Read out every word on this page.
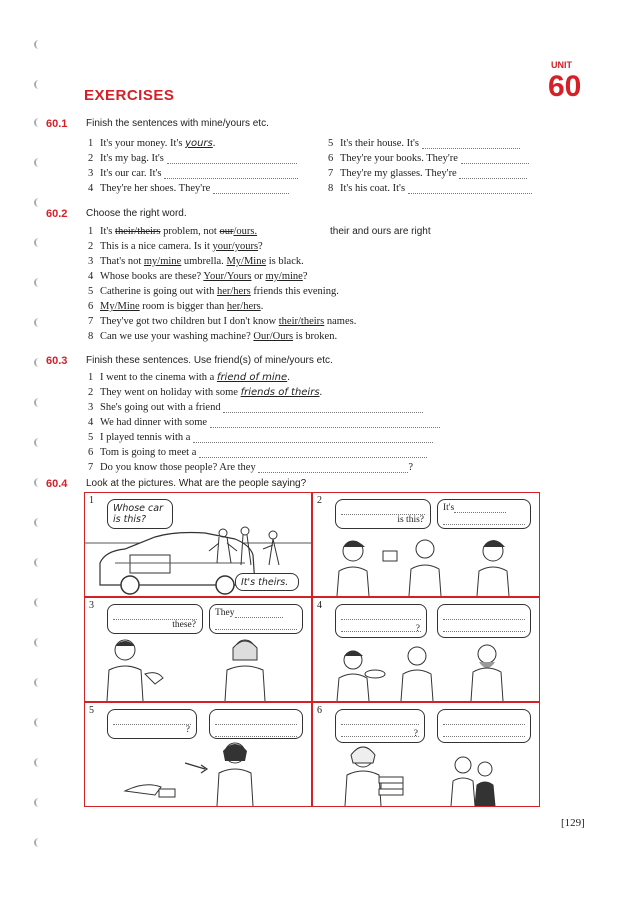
UNIT
60
EXERCISES
60.1 Finish the sentences with mine/yours etc.
1 It's your money. It's yours.
2 It's my bag. It's
3 It's our car. It's
4 They're her shoes. They're
5 It's their house. It's
6 They're your books. They're
7 They're my glasses. They're
8 It's his coat. It's
60.2 Choose the right word.
1 It's their/theirs problem, not our/ours.	their and ours are right
2 This is a nice camera. Is it your/yours?
3 That's not my/mine umbrella. My/Mine is black.
4 Whose books are these? Your/Yours or my/mine?
5 Catherine is going out with her/hers friends this evening.
6 My/Mine room is bigger than her/hers.
7 They've got two children but I don't know their/theirs names.
8 Can we use your washing machine? Our/Ours is broken.
60.3 Finish these sentences. Use friend(s) of mine/yours etc.
1 I went to the cinema with a friend of mine.
2 They went on holiday with some friends of theirs.
3 She's going out with a friend
4 We had dinner with some
5 I played tennis with a
6 Tom is going to meet a
7 Do you know those people? Are they	?
60.4 Look at the pictures. What are the people saying?
1
Whose car is this?
It's theirs.
2
is this?
It's
3
these?
They
4
?
5
?
6
?
[129]
